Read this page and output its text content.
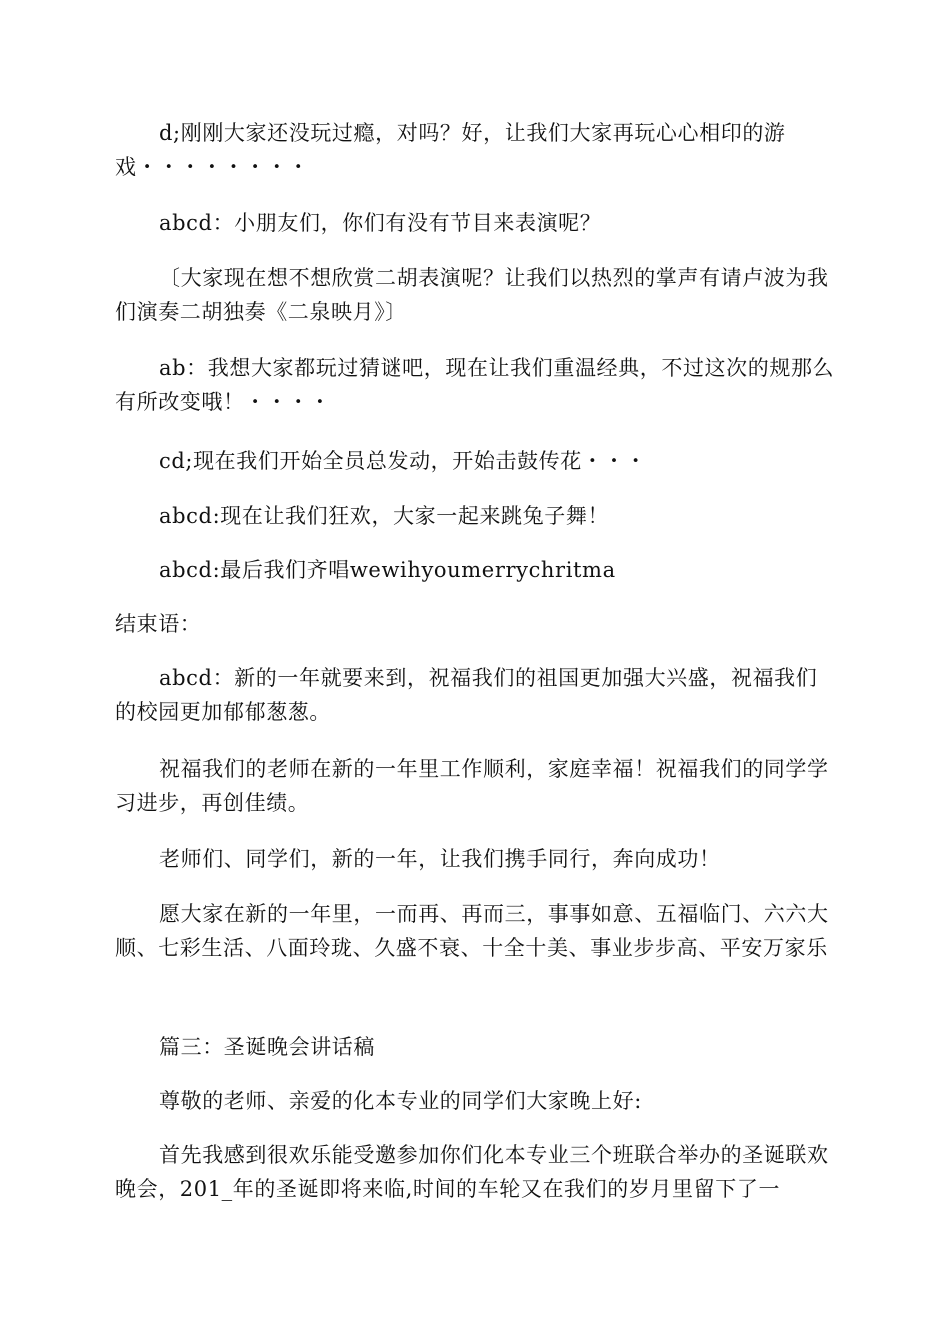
d;刚刚大家还没玩过瘾，对吗？好，让我们大家再玩心心相印的游戏・・・・・・・・

abcd：小朋友们，你们有没有节目来表演呢？

〔大家现在想不想欣赏二胡表演呢？让我们以热烈的掌声有请卢波为我们演奏二胡独奏《二泉映月》〕

ab：我想大家都玩过猜谜吧，现在让我们重温经典，不过这次的规那么有所改变哦！・・・・

cd;现在我们开始全员总发动，开始击鼓传花・・・

abcd:现在让我们狂欢，大家一起来跳兔子舞！

abcd:最后我们齐唱wewihyoumerrychritma

结束语：

abcd：新的一年就要来到，祝福我们的祖国更加强大兴盛，祝福我们的校园更加郁郁葱葱。

祝福我们的老师在新的一年里工作顺利，家庭幸福！祝福我们的同学学习进步，再创佳绩。

老师们、同学们，新的一年，让我们携手同行，奔向成功！

愿大家在新的一年里，一而再、再而三，事事如意、五福临门、六六大顺、七彩生活、八面玲珑、久盛不衰、十全十美、事业步步高、平安万家乐

篇三：圣诞晚会讲话稿

尊敬的老师、亲爱的化本专业的同学们大家晚上好:

首先我感到很欢乐能受邀参加你们化本专业三个班联合举办的圣诞联欢晚会，201_年的圣诞即将来临,时间的车轮又在我们的岁月里留下了一
